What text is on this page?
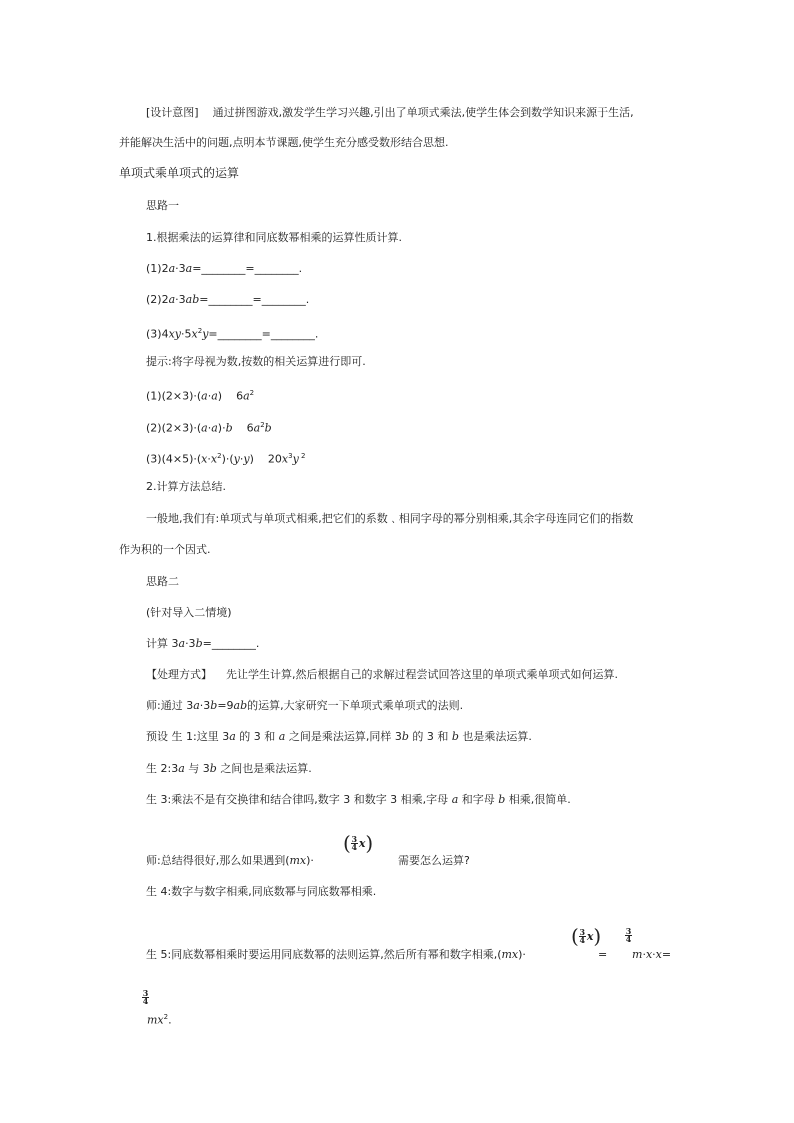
[设计意图] 通过拼图游戏,激发学生学习兴趣,引出了单项式乘法,使学生体会到数学知识来源于生活,
并能解决生活中的问题,点明本节课题,使学生充分感受数形结合思想.
单项式乘单项式的运算
思路一
1.根据乘法的运算律和同底数幂相乘的运算性质计算.
(1)2a·3a=________=________.
(2)2a·3ab=________=________.
$(3)4xy\cdot 5x^2y=\_\_\_\_\_\_\_\_=\_\_\_\_\_\_\_\_$.
提示:将字母视为数,按数的相关运算进行即可.
(1)(2×3)·(a·a)    $6a^2$
(2)(2×3)·(a·a)·b $6a^2b$
$(3)(4\times 5)\cdot(x\cdot x^2)\cdot(y\cdot y)$    $20x^3y$ $^2$
2.计算方法总结.
一般地,我们有:单项式与单项式相乘,把它们的系数﹑相同字母的幂分别相乘,其余字母连同它们的指数
作为积的一个因式.
思路二
(针对导入二情境)
计算 3a·3b=________.
【处理方式】 先让学生计算,然后根据自己的求解过程尝试回答这里的单项式乘单项式如何运算.
师:通过 3a·3b=9ab的运算,大家研究一下单项式乘单项式的法则.
预设 生 1:这里 3a 的 3 和 a 之间是乘法运算,同样 3b 的 3 和 b 也是乘法运算.
生 2:3a 与 3b 之间也是乘法运算.
生 3:乘法不是有交换律和结合律吗,数字 3 和数字 3 相乘,字母 a 和字母 b 相乘,很简单.
师:总结得很好,那么如果遇到(mx)·
$(\frac{3}{4}x)$
需要怎么运算?
生 4:数字与数字相乘,同底数幂与同底数幂相乘.
生 5:同底数幂相乘时要运用同底数幂的法则运算,然后所有幂和数字相乘,(mx)·
$(\frac{3}{4}x)$
=
3
4
m·x·x=
3
4
$mx^2$.
